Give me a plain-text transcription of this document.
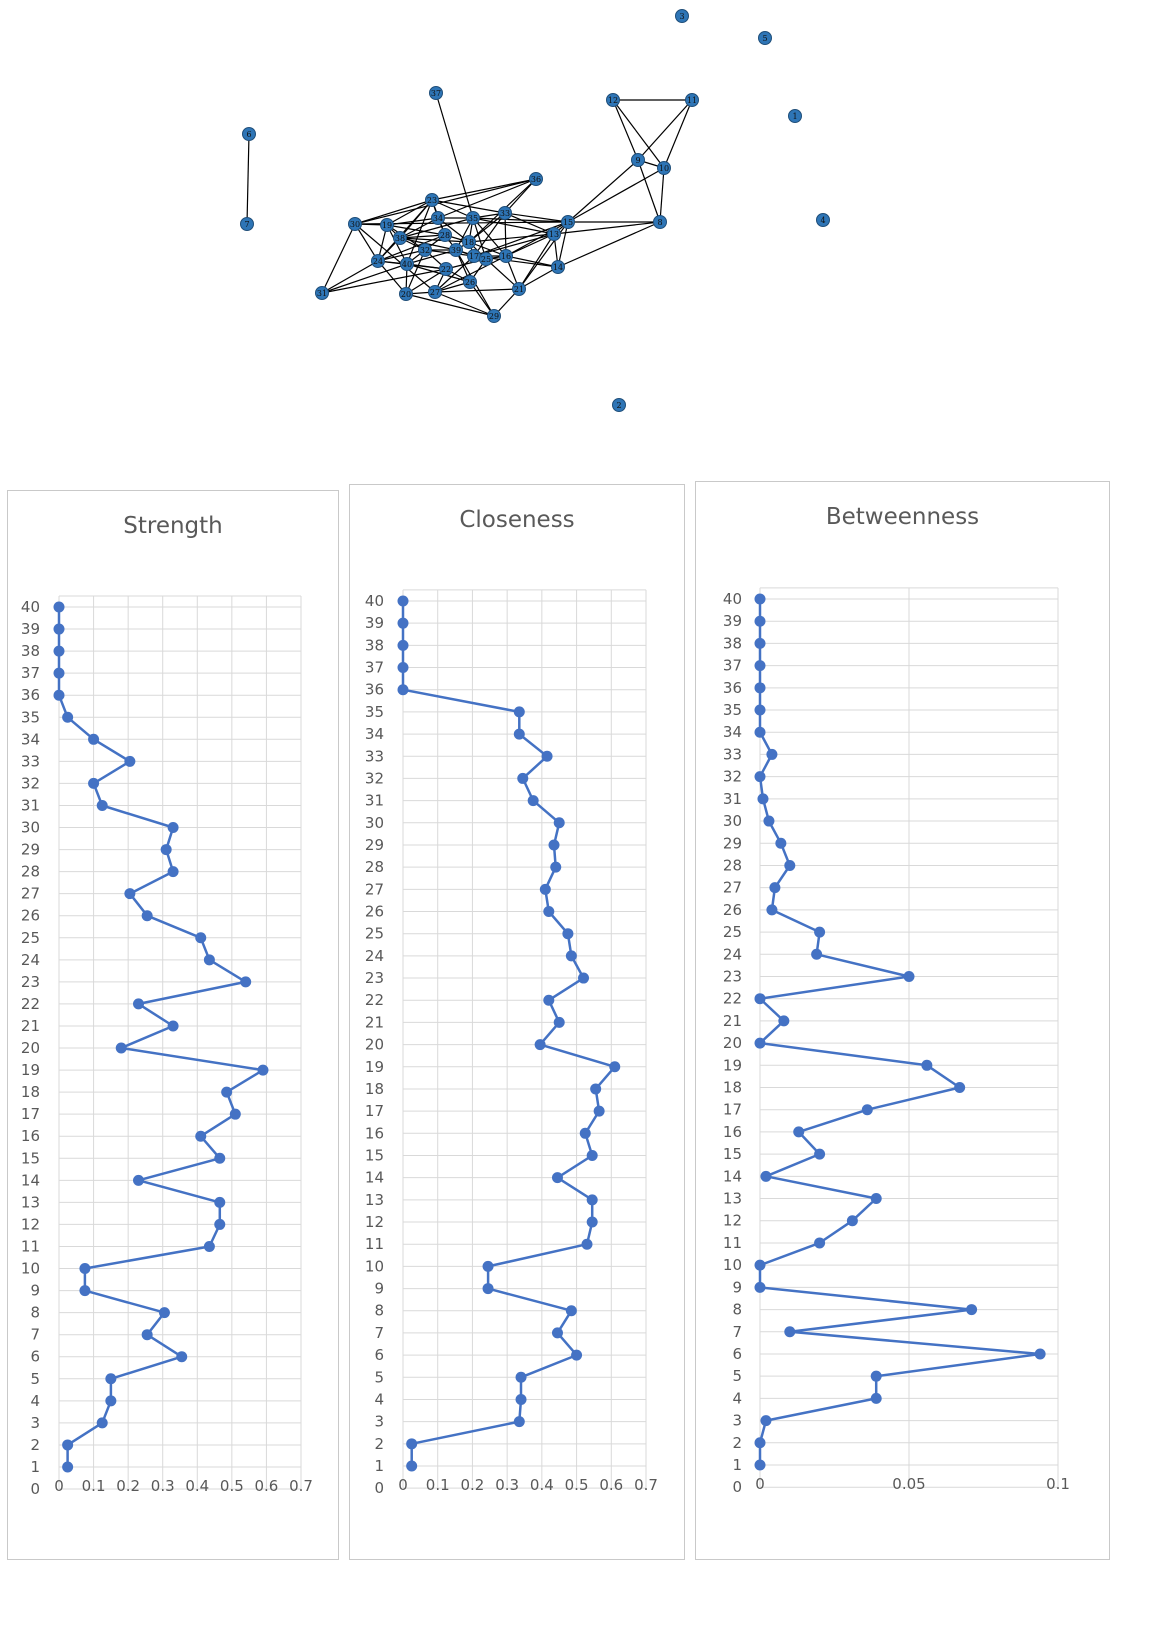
1
2
3
4
5
6
7	8
9
10
11
12
13
14
15
16
17
18
19
20
21
22
23
24	25
26
27
28
29
30
31
32
33
34	35
36
37
38
39
40
Strength
0 0.1 0.2 0.3 0.4 0.5 0.6 0.7
0
1
2
3
4
5
6
7
8
9
10
11
12
13
14
15
16
17
18
19
20
21
22
23
24
25
26
27
28
29
30
31
32
33
34
35
36
37
38
39
40
Closeness
0 0.1 0.2 0.3 0.4 0.5 0.6 0.7
0
1
2
3
4
5
6
7
8
9
10
11
12
13
14
15
16
17
18
19
20
21
22
23
24
25
26
27
28
29
30
31
32
33
34
35
36
37
38
39
40
Betweenness
0	0.05	0.1
0
1
2
3
4
5
6
7
8
9
10
11
12
13
14
15
16
17
18
19
20
21
22
23
24
25
26
27
28
29
30
31
32
33
34
35
36
37
38
39
40
